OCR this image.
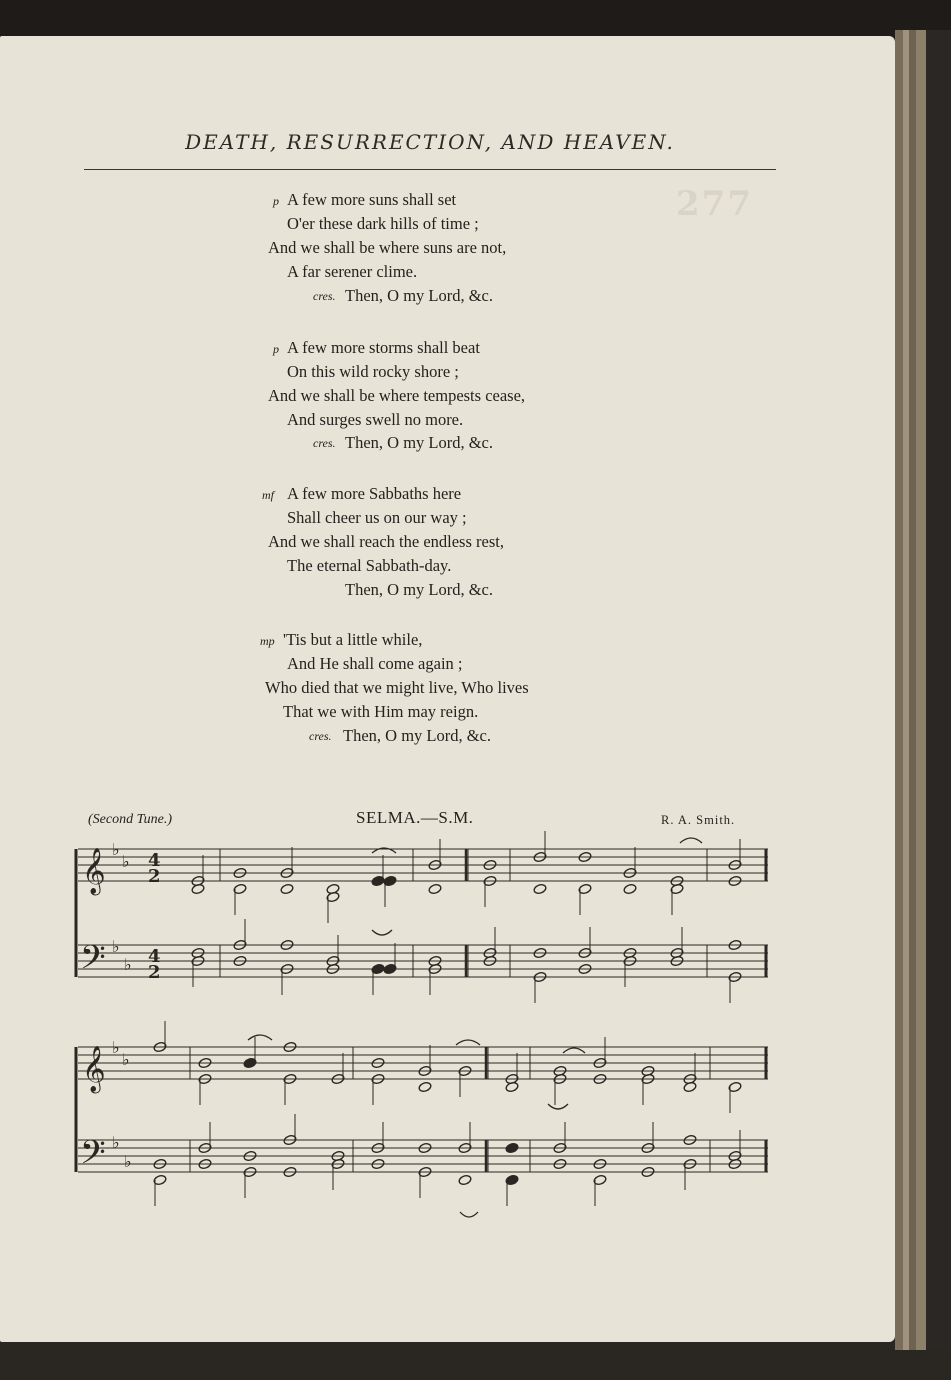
277
DEATH, RESURRECTION, AND HEAVEN.
p A few more suns shall set
O'er these dark hills of time ;
And we shall be where suns are not,
A far serener clime.
cres. Then, O my Lord, &c.
p A few more storms shall beat
On this wild rocky shore ;
And we shall be where tempests cease,
And surges swell no more.
cres. Then, O my Lord, &c.
mf A few more Sabbaths here
Shall cheer us on our way ;
And we shall reach the endless rest,
The eternal Sabbath-day.
Then, O my Lord, &c.
mp 'Tis but a little while,
And He shall come again ;
Who died that we might live, Who lives
That we with Him may reign.
cres. Then, O my Lord, &c.
(Second Tune.)	SELMA.—S.M.	R. A. Smith.
𝄞
𝄞
𝄢
𝄢
♭
♭
♭
♭
♭
♭
♭
♭
4
2
4
2
